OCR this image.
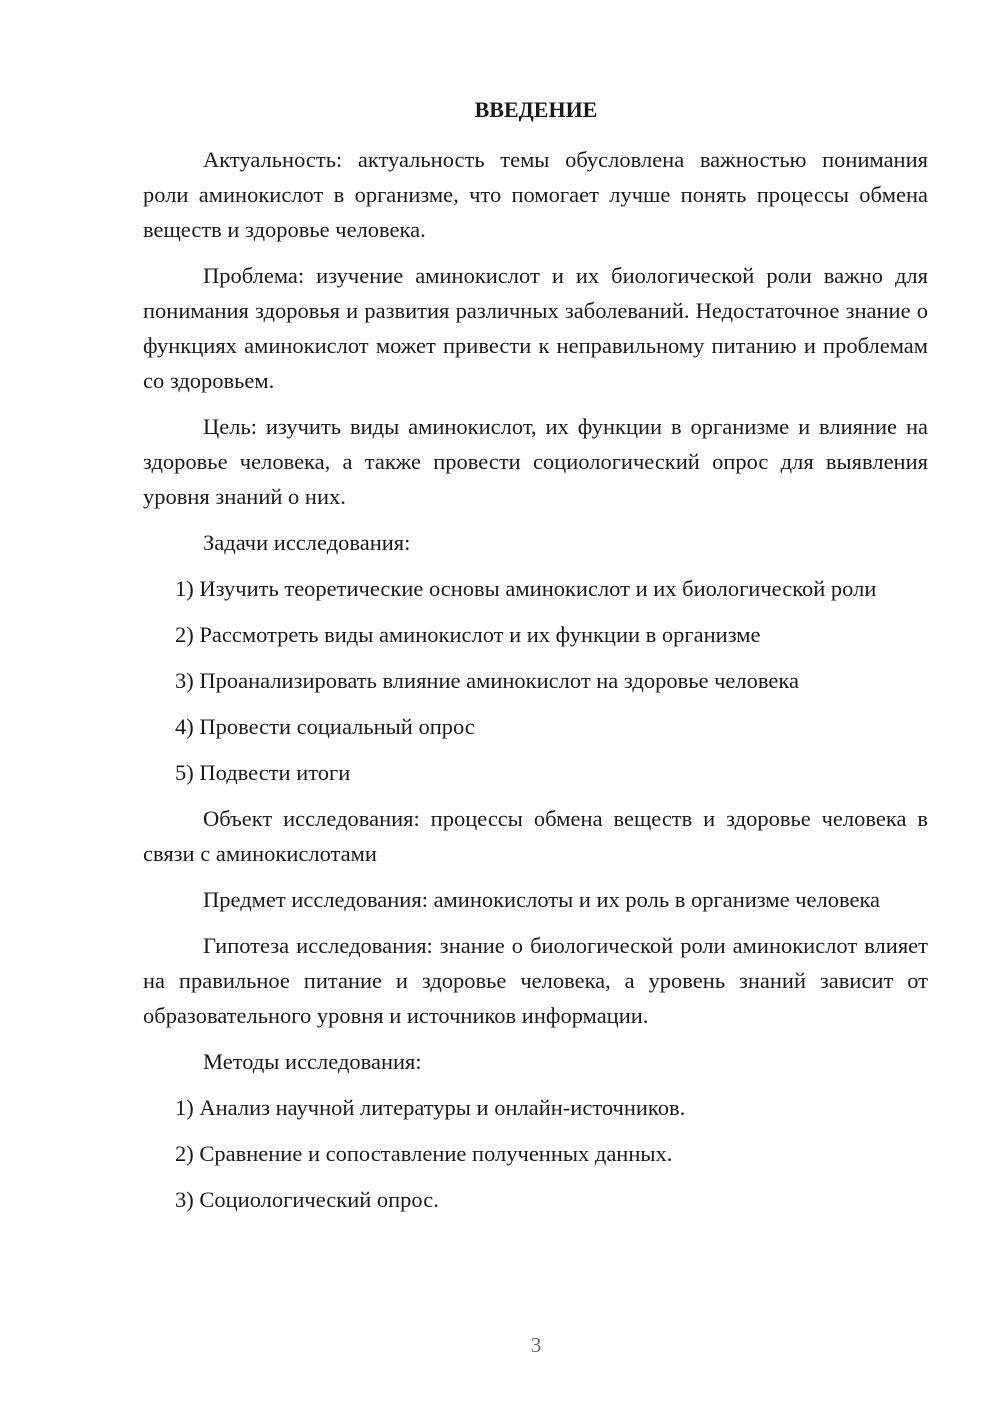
ВВЕДЕНИЕ

Актуальность: актуальность темы обусловлена важностью понимания роли аминокислот в организме, что помогает лучше понять процессы обмена веществ и здоровье человека.

Проблема: изучение аминокислот и их биологической роли важно для понимания здоровья и развития различных заболеваний. Недостаточное знание о функциях аминокислот может привести к неправильному питанию и проблемам со здоровьем.

Цель: изучить виды аминокислот, их функции в организме и влияние на здоровье человека, а также провести социологический опрос для выявления уровня знаний о них.

Задачи исследования:

1) Изучить теоретические основы аминокислот и их биологической роли

2) Рассмотреть виды аминокислот и их функции в организме

3) Проанализировать влияние аминокислот на здоровье человека

4) Провести социальный опрос

5) Подвести итоги

Объект исследования: процессы обмена веществ и здоровье человека в связи с аминокислотами

Предмет исследования: аминокислоты и их роль в организме человека

Гипотеза исследования: знание о биологической роли аминокислот влияет на правильное питание и здоровье человека, а уровень знаний зависит от образовательного уровня и источников информации.

Методы исследования:

1) Анализ научной литературы и онлайн-источников.

2) Сравнение и сопоставление полученных данных.

3) Социологический опрос.

3
